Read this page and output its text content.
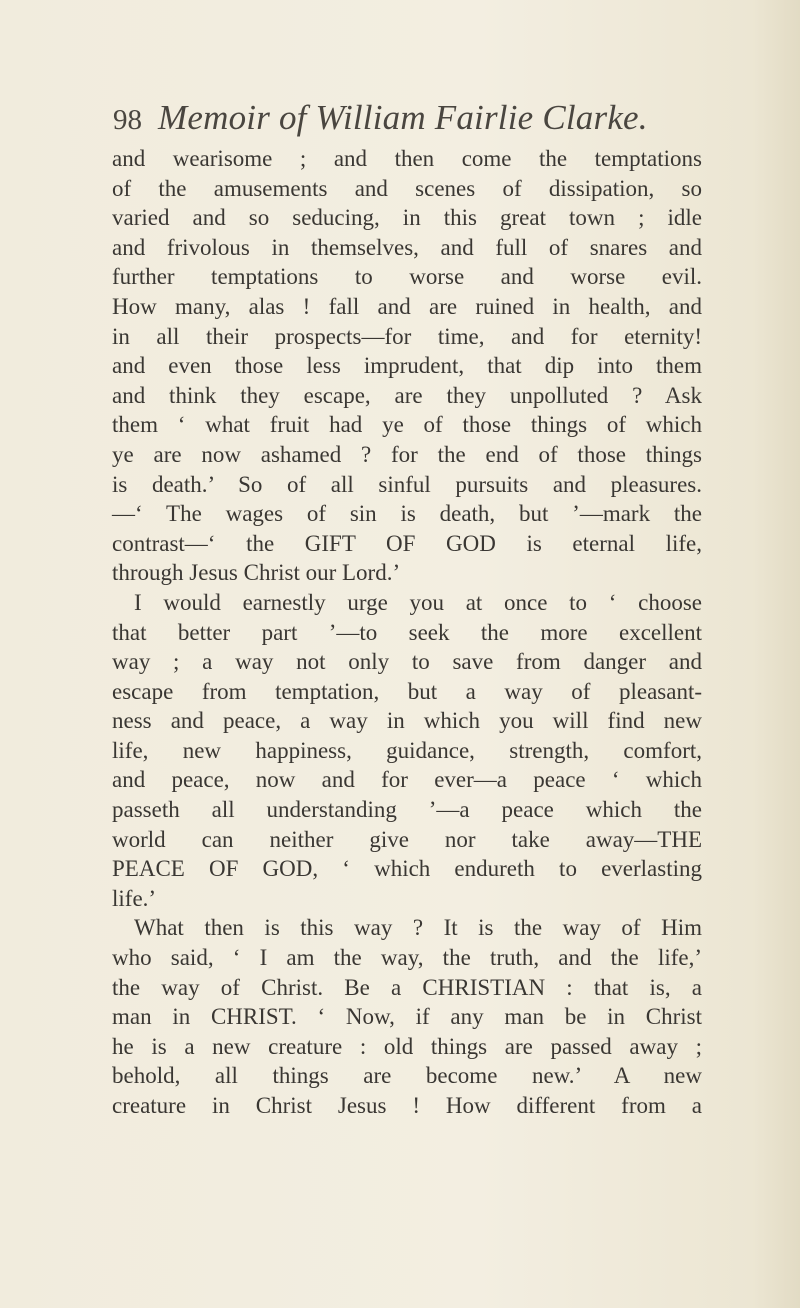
98 Memoir of William Fairlie Clarke.
and wearisome ; and then come the temptations
of the amusements and scenes of dissipation, so
varied and so seducing, in this great town ; idle
and frivolous in themselves, and full of snares and
further temptations to worse and worse evil.
How many, alas ! fall and are ruined in health, and
in all their prospects—for time, and for eternity!
and even those less imprudent, that dip into them
and think they escape, are they unpolluted ? Ask
them ‘ what fruit had ye of those things of which
ye are now ashamed ? for the end of those things
is death.’ So of all sinful pursuits and pleasures.
—‘ The wages of sin is death, but ’—mark the
contrast—‘ the GIFT OF GOD is eternal life,
through Jesus Christ our Lord.’
I would earnestly urge you at once to ‘ choose
that better part ’—to seek the more excellent
way ; a way not only to save from danger and
escape from temptation, but a way of pleasant-
ness and peace, a way in which you will find new
life, new happiness, guidance, strength, comfort,
and peace, now and for ever—a peace ‘ which
passeth all understanding ’—a peace which the
world can neither give nor take away—THE
PEACE OF GOD, ‘ which endureth to everlasting
life.’
What then is this way ? It is the way of Him
who said, ‘ I am the way, the truth, and the life,’
the way of Christ. Be a CHRISTIAN : that is, a
man in CHRIST. ‘ Now, if any man be in Christ
he is a new creature : old things are passed away ;
behold, all things are become new.’ A new
creature in Christ Jesus ! How different from a
